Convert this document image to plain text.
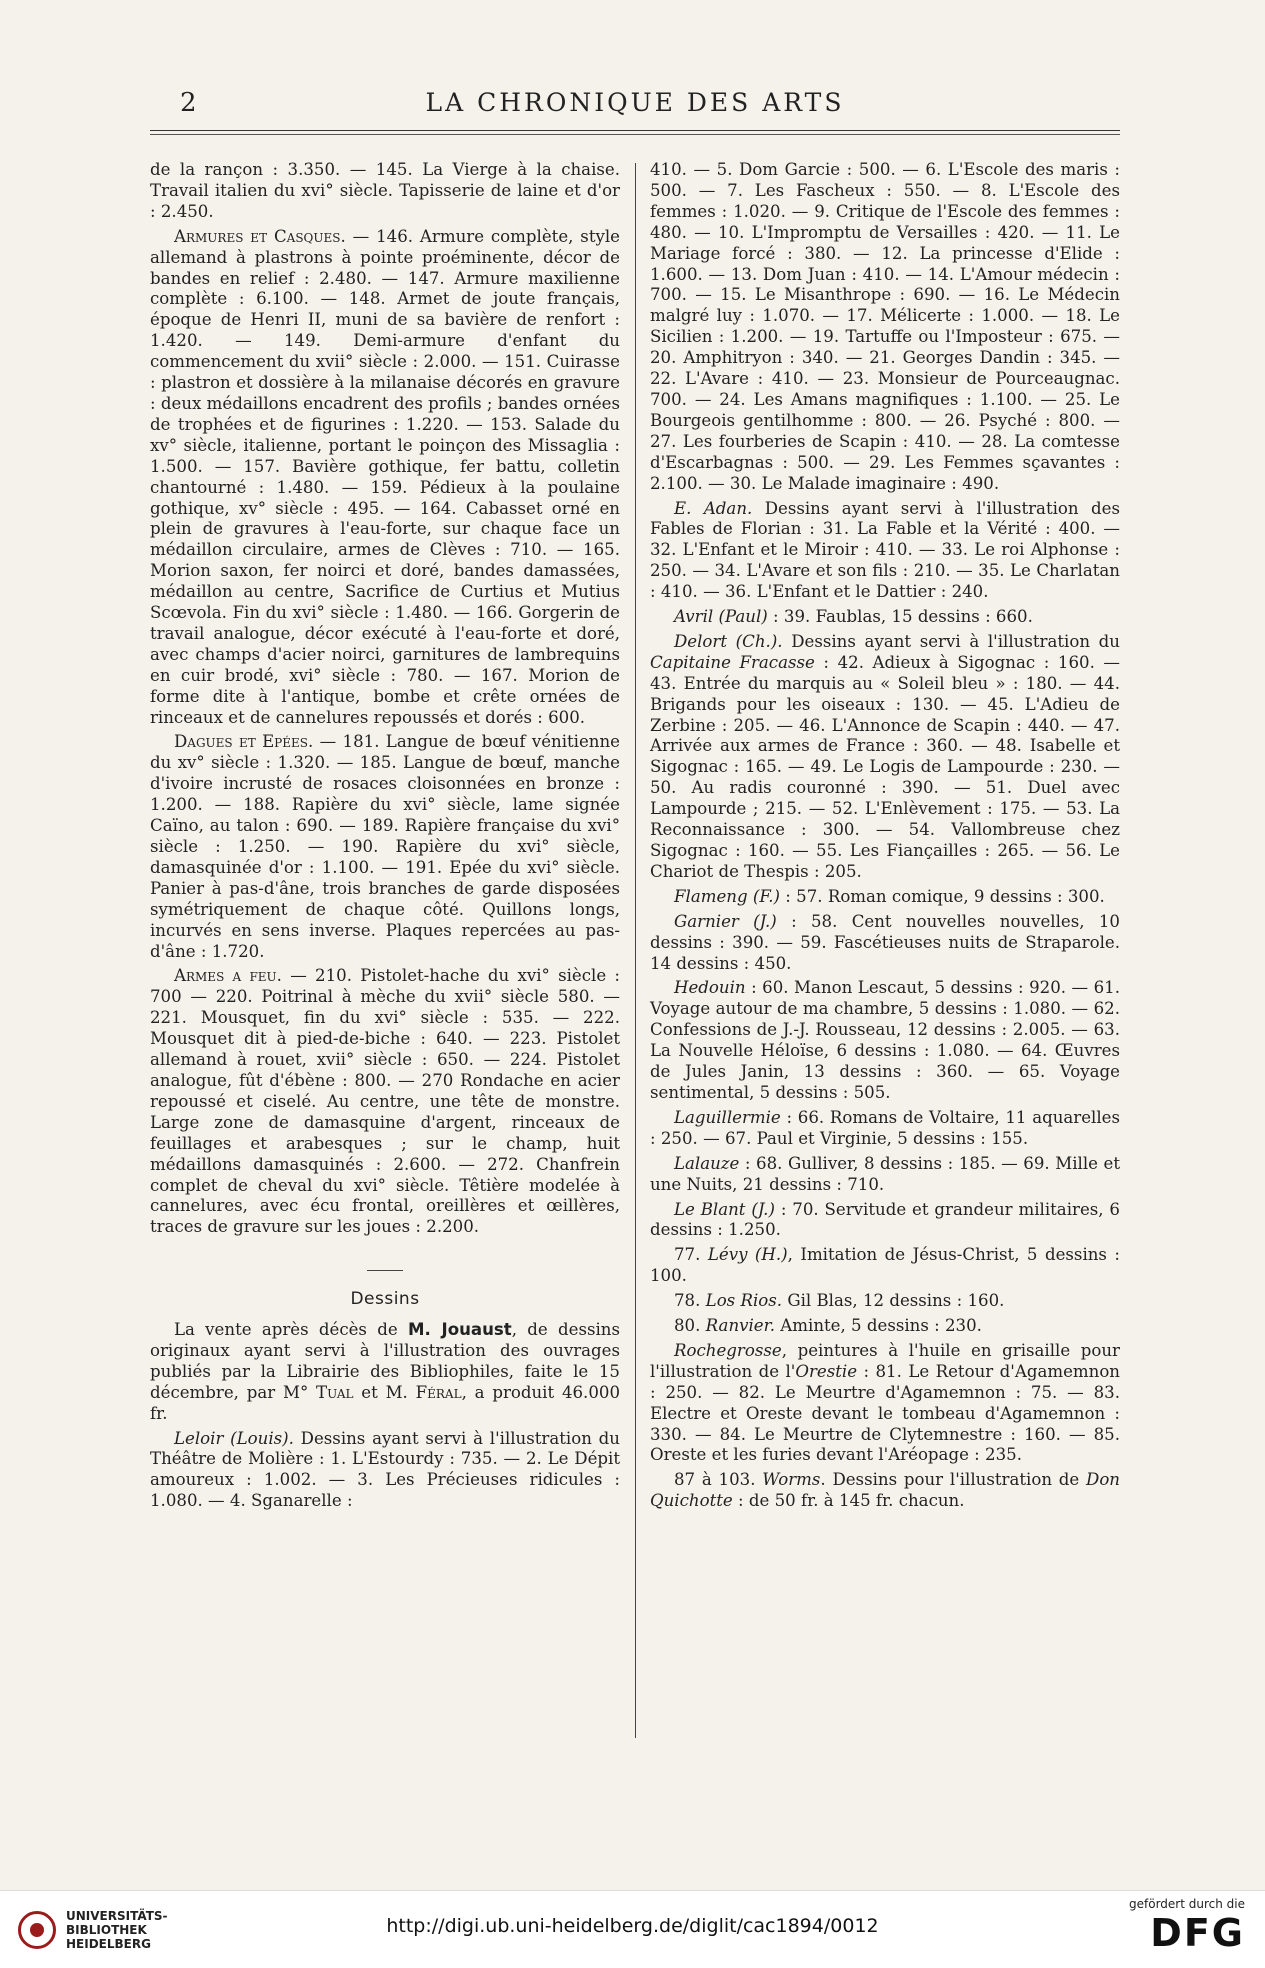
2	LA CHRONIQUE DES ARTS

de la rançon : 3.350. — 145. La Vierge à la chaise. Travail italien du xvi° siècle. Tapisserie de laine et d'or : 2.450.

Armures et Casques. — 146. Armure complète, style allemand à plastrons à pointe proéminente, décor de bandes en relief : 2.480. — 147. Armure maxilienne complète : 6.100. — 148. Armet de joute français, époque de Henri II, muni de sa bavière de renfort : 1.420. — 149. Demi-armure d'enfant du commencement du xvii° siècle : 2.000. — 151. Cuirasse : plastron et dossière à la milanaise décorés en gravure : deux médaillons encadrent des profils ; bandes ornées de trophées et de figurines : 1.220. — 153. Salade du xv° siècle, italienne, portant le poinçon des Missaglia : 1.500. — 157. Bavière gothique, fer battu, colletin chantourné : 1.480. — 159. Pédieux à la poulaine gothique, xv° siècle : 495. — 164. Cabasset orné en plein de gravures à l'eau-forte, sur chaque face un médaillon circulaire, armes de Clèves : 710. — 165. Morion saxon, fer noirci et doré, bandes damassées, médaillon au centre, Sacrifice de Curtius et Mutius Scœvola. Fin du xvi° siècle : 1.480. — 166. Gorgerin de travail analogue, décor exécuté à l'eau-forte et doré, avec champs d'acier noirci, garnitures de lambrequins en cuir brodé, xvi° siècle : 780. — 167. Morion de forme dite à l'antique, bombe et crête ornées de rinceaux et de cannelures repoussés et dorés : 600.

Dagues et Epées. — 181. Langue de bœuf vénitienne du xv° siècle : 1.320. — 185. Langue de bœuf, manche d'ivoire incrusté de rosaces cloisonnées en bronze : 1.200. — 188. Rapière du xvi° siècle, lame signée Caïno, au talon : 690. — 189. Rapière française du xvi° siècle : 1.250. — 190. Rapière du xvi° siècle, damasquinée d'or : 1.100. — 191. Epée du xvi° siècle. Panier à pas-d'âne, trois branches de garde disposées symétriquement de chaque côté. Quillons longs, incurvés en sens inverse. Plaques repercées au pas-d'âne : 1.720.

Armes a feu. — 210. Pistolet-hache du xvi° siècle : 700 — 220. Poitrinal à mèche du xvii° siècle 580. — 221. Mousquet, fin du xvi° siècle : 535. — 222. Mousquet dit à pied-de-biche : 640. — 223. Pistolet allemand à rouet, xvii° siècle : 650. — 224. Pistolet analogue, fût d'ébène : 800. — 270 Rondache en acier repoussé et ciselé. Au centre, une tête de monstre. Large zone de damasquine d'argent, rinceaux de feuillages et arabesques ; sur le champ, huit médaillons damasquinés : 2.600. — 272. Chanfrein complet de cheval du xvi° siècle. Têtière modelée à cannelures, avec écu frontal, oreillères et œillères, traces de gravure sur les joues : 2.200.

Dessins

La vente après décès de M. Jouaust, de dessins originaux ayant servi à l'illustration des ouvrages publiés par la Librairie des Bibliophiles, faite le 15 décembre, par M° Tual et M. Féral, a produit 46.000 fr.

Leloir (Louis). Dessins ayant servi à l'illustration du Théâtre de Molière : 1. L'Estourdy : 735. — 2. Le Dépit amoureux : 1.002. — 3. Les Précieuses ridicules : 1.080. — 4. Sganarelle :

410. — 5. Dom Garcie : 500. — 6. L'Escole des maris : 500. — 7. Les Fascheux : 550. — 8. L'Escole des femmes : 1.020. — 9. Critique de l'Escole des femmes : 480. — 10. L'Impromptu de Versailles : 420. — 11. Le Mariage forcé : 380. — 12. La princesse d'Elide : 1.600. — 13. Dom Juan : 410. — 14. L'Amour médecin : 700. — 15. Le Misanthrope : 690. — 16. Le Médecin malgré luy : 1.070. — 17. Mélicerte : 1.000. — 18. Le Sicilien : 1.200. — 19. Tartuffe ou l'Imposteur : 675. — 20. Amphitryon : 340. — 21. Georges Dandin : 345. — 22. L'Avare : 410. — 23. Monsieur de Pourceaugnac. 700. — 24. Les Amans magnifiques : 1.100. — 25. Le Bourgeois gentilhomme : 800. — 26. Psyché : 800. — 27. Les fourberies de Scapin : 410. — 28. La comtesse d'Escarbagnas : 500. — 29. Les Femmes sçavantes : 2.100. — 30. Le Malade imaginaire : 490.

E. Adan. Dessins ayant servi à l'illustration des Fables de Florian : 31. La Fable et la Vérité : 400. — 32. L'Enfant et le Miroir : 410. — 33. Le roi Alphonse : 250. — 34. L'Avare et son fils : 210. — 35. Le Charlatan : 410. — 36. L'Enfant et le Dattier : 240.

Avril (Paul) : 39. Faublas, 15 dessins : 660.

Delort (Ch.). Dessins ayant servi à l'illustration du Capitaine Fracasse : 42. Adieux à Sigognac : 160. — 43. Entrée du marquis au « Soleil bleu » : 180. — 44. Brigands pour les oiseaux : 130. — 45. L'Adieu de Zerbine : 205. — 46. L'Annonce de Scapin : 440. — 47. Arrivée aux armes de France : 360. — 48. Isabelle et Sigognac : 165. — 49. Le Logis de Lampourde : 230. — 50. Au radis couronné : 390. — 51. Duel avec Lampourde ; 215. — 52. L'Enlèvement : 175. — 53. La Reconnaissance : 300. — 54. Vallombreuse chez Sigognac : 160. — 55. Les Fiançailles : 265. — 56. Le Chariot de Thespis : 205.

Flameng (F.) : 57. Roman comique, 9 dessins : 300.

Garnier (J.) : 58. Cent nouvelles nouvelles, 10 dessins : 390. — 59. Fascétieuses nuits de Straparole. 14 dessins : 450.

Hedouin : 60. Manon Lescaut, 5 dessins : 920. — 61. Voyage autour de ma chambre, 5 dessins : 1.080. — 62. Confessions de J.-J. Rousseau, 12 dessins : 2.005. — 63. La Nouvelle Héloïse, 6 dessins : 1.080. — 64. Œuvres de Jules Janin, 13 dessins : 360. — 65. Voyage sentimental, 5 dessins : 505.

Laguillermie : 66. Romans de Voltaire, 11 aquarelles : 250. — 67. Paul et Virginie, 5 dessins : 155.

Lalauze : 68. Gulliver, 8 dessins : 185. — 69. Mille et une Nuits, 21 dessins : 710.

Le Blant (J.) : 70. Servitude et grandeur militaires, 6 dessins : 1.250.

77. Lévy (H.), Imitation de Jésus-Christ, 5 dessins : 100.

78. Los Rios. Gil Blas, 12 dessins : 160.

80. Ranvier. Aminte, 5 dessins : 230.

Rochegrosse, peintures à l'huile en grisaille pour l'illustration de l'Orestie : 81. Le Retour d'Agamemnon : 250. — 82. Le Meurtre d'Agamemnon : 75. — 83. Electre et Oreste devant le tombeau d'Agamemnon : 330. — 84. Le Meurtre de Clytemnestre : 160. — 85. Oreste et les furies devant l'Aréopage : 235.

87 à 103. Worms. Dessins pour l'illustration de Don Quichotte : de 50 fr. à 145 fr. chacun.

UNIVERSITÄTS-
BIBLIOTHEK
HEIDELBERG
http://digi.ub.uni-heidelberg.de/diglit/cac1894/0012
gefördert durch die
DFG
